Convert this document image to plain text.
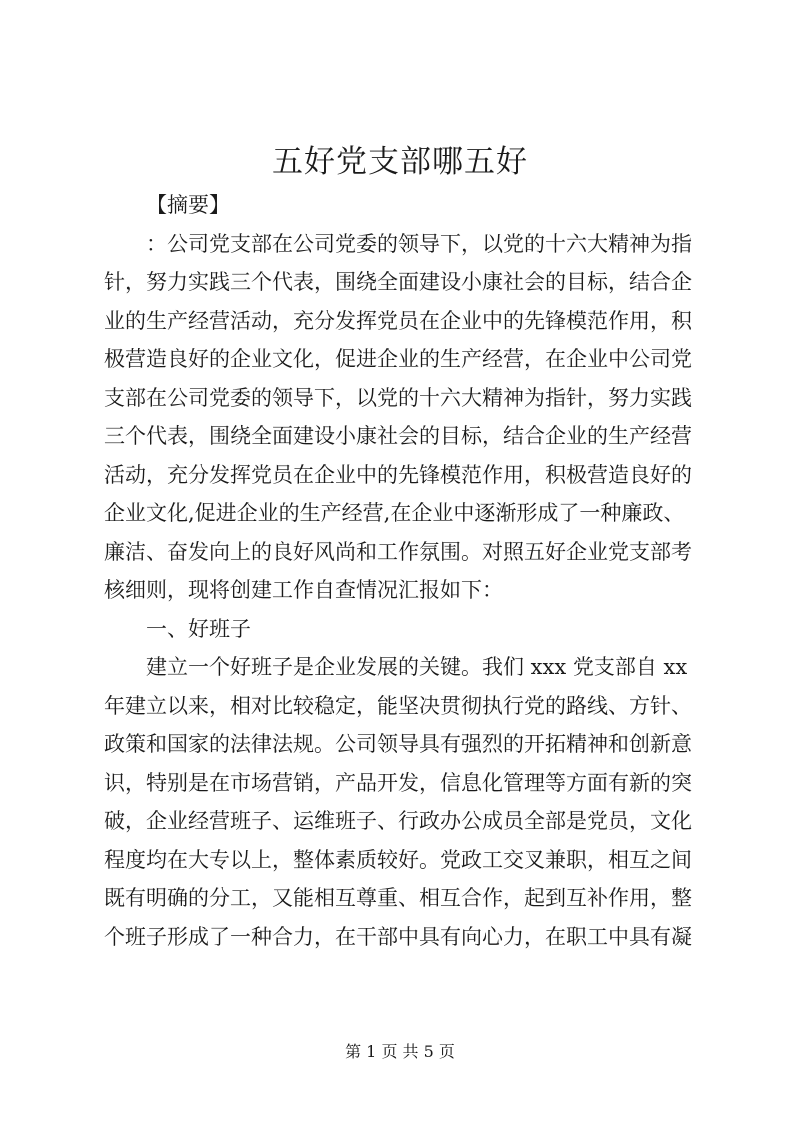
五好党支部哪五好
【摘要】
：公司党支部在公司党委的领导下，以党的十六大精神为指
针，努力实践三个代表，围绕全面建设小康社会的目标，结合企
业的生产经营活动，充分发挥党员在企业中的先锋模范作用，积
极营造良好的企业文化，促进企业的生产经营，在企业中公司党
支部在公司党委的领导下，以党的十六大精神为指针，努力实践
三个代表，围绕全面建设小康社会的目标，结合企业的生产经营
活动，充分发挥党员在企业中的先锋模范作用，积极营造良好的
企业文化,促进企业的生产经营,在企业中逐渐形成了一种廉政、
廉洁、奋发向上的良好风尚和工作氛围。对照五好企业党支部考
核细则，现将创建工作自查情况汇报如下：
一、好班子
建立一个好班子是企业发展的关键。我们 xxx 党支部自 xx
年建立以来，相对比较稳定，能坚决贯彻执行党的路线、方针、
政策和国家的法律法规。公司领导具有强烈的开拓精神和创新意
识，特别是在市场营销，产品开发，信息化管理等方面有新的突
破，企业经营班子、运维班子、行政办公成员全部是党员，文化
程度均在大专以上，整体素质较好。党政工交叉兼职，相互之间
既有明确的分工，又能相互尊重、相互合作，起到互补作用，整
个班子形成了一种合力，在干部中具有向心力，在职工中具有凝
第 1 页 共 5 页
